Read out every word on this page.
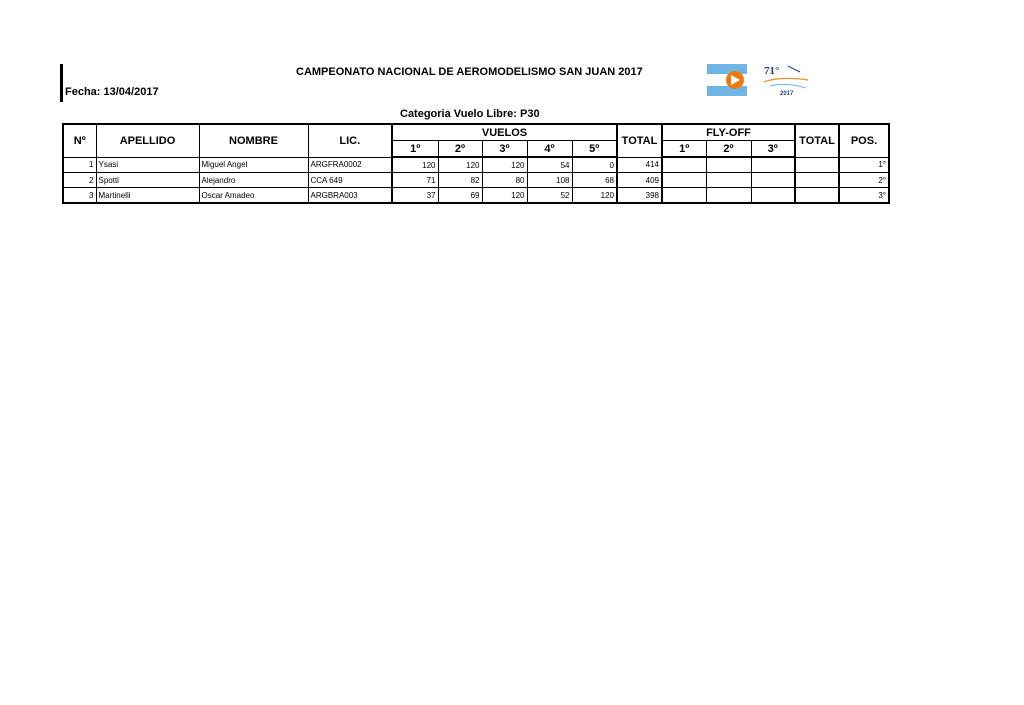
CAMPEONATO NACIONAL DE AEROMODELISMO SAN JUAN 2017
Fecha: 13/04/2017
71°
2017
Categoria Vuelo Libre: P30
Nº	APELLIDO	NOMBRE	LIC.	VUELOS					TOTAL	FLY-OFF			TOTAL	POS.
				1º	2º	3º	4º	5º		1º	2º	3º		
1	Ysasi	Miguel Angel	ARGFRA0002	120	120	120	54	0	414					1°
2	Spotti	Alejandro	CCA 649	71	82	80	108	68	409					2°
3	Martinelli	Oscar Amadeo	ARGBRA003	37	69	120	52	120	398					3°
